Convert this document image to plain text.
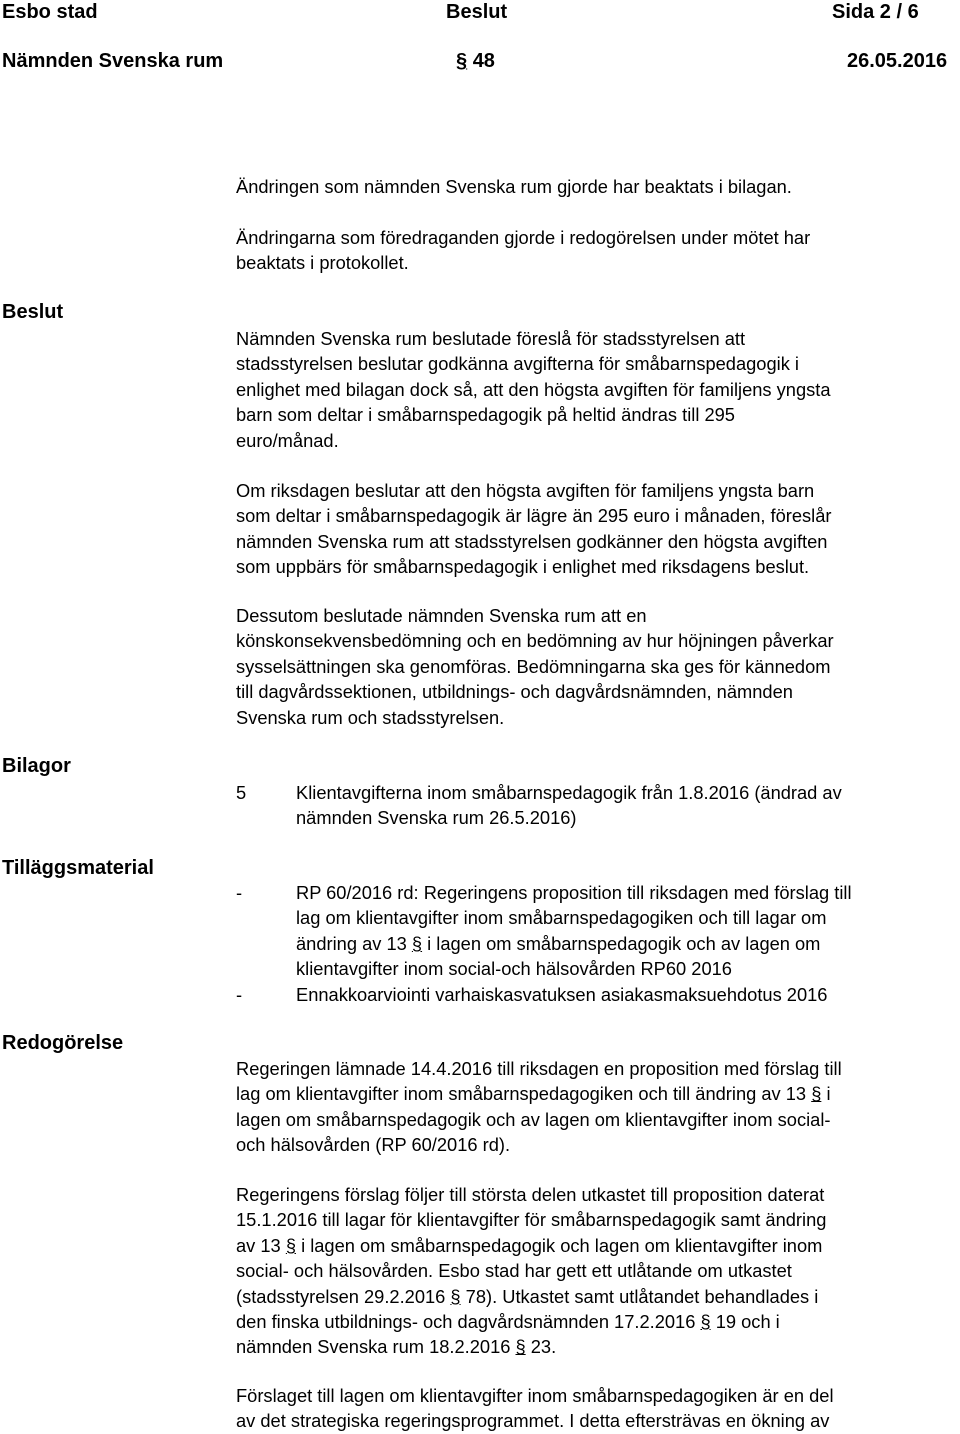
Esbo stad	Beslut	Sida 2 / 6
Nämnden Svenska rum	§ 48	26.05.2016
Beslut
Bilagor
Tilläggsmaterial
Redogörelse
Ändringen som nämnden Svenska rum gjorde har beaktats i bilagan.
Ändringarna som föredraganden gjorde i redogörelsen under mötet har
beaktats i protokollet.
Nämnden Svenska rum beslutade föreslå för stadsstyrelsen att
stadsstyrelsen beslutar godkänna avgifterna för småbarnspedagogik i
enlighet med bilagan dock så, att den högsta avgiften för familjens yngsta
barn som deltar i småbarnspedagogik på heltid ändras till 295
euro/månad.
Om riksdagen beslutar att den högsta avgiften för familjens yngsta barn
som deltar i småbarnspedagogik är lägre än 295 euro i månaden, föreslår
nämnden Svenska rum att stadsstyrelsen godkänner den högsta avgiften
som uppbärs för småbarnspedagogik i enlighet med riksdagens beslut.
Dessutom beslutade nämnden Svenska rum att en
könskonsekvensbedömning och en bedömning av hur höjningen påverkar
sysselsättningen ska genomföras. Bedömningarna ska ges för kännedom
till dagvårdssektionen, utbildnings- och dagvårdsnämnden, nämnden
Svenska rum och stadsstyrelsen.
5	Klientavgifterna inom småbarnspedagogik från 1.8.2016 (ändrad av
nämnden Svenska rum 26.5.2016)
-	RP 60/2016 rd: Regeringens proposition till riksdagen med förslag till
lag om klientavgifter inom småbarnspedagogiken och till lagar om
ändring av 13 § i lagen om småbarnspedagogik och av lagen om
klientavgifter inom social-och hälsovården RP60 2016
-	Ennakkoarviointi varhaiskasvatuksen asiakasmaksuehdotus 2016
Regeringen lämnade 14.4.2016 till riksdagen en proposition med förslag till
lag om klientavgifter inom småbarnspedagogiken och till ändring av 13 § i
lagen om småbarnspedagogik och av lagen om klientavgifter inom social-
och hälsovården (RP 60/2016 rd).
Regeringens förslag följer till största delen utkastet till proposition daterat
15.1.2016 till lagar för klientavgifter för småbarnspedagogik samt ändring
av 13 § i lagen om småbarnspedagogik och lagen om klientavgifter inom
social- och hälsovården. Esbo stad har gett ett utlåtande om utkastet
(stadsstyrelsen 29.2.2016 § 78). Utkastet samt utlåtandet behandlades i
den finska utbildnings- och dagvårdsnämnden 17.2.2016 § 19 och i
nämnden Svenska rum 18.2.2016 § 23.
Förslaget till lagen om klientavgifter inom småbarnspedagogiken är en del
av det strategiska regeringsprogrammet. I detta eftersträvas en ökning av
